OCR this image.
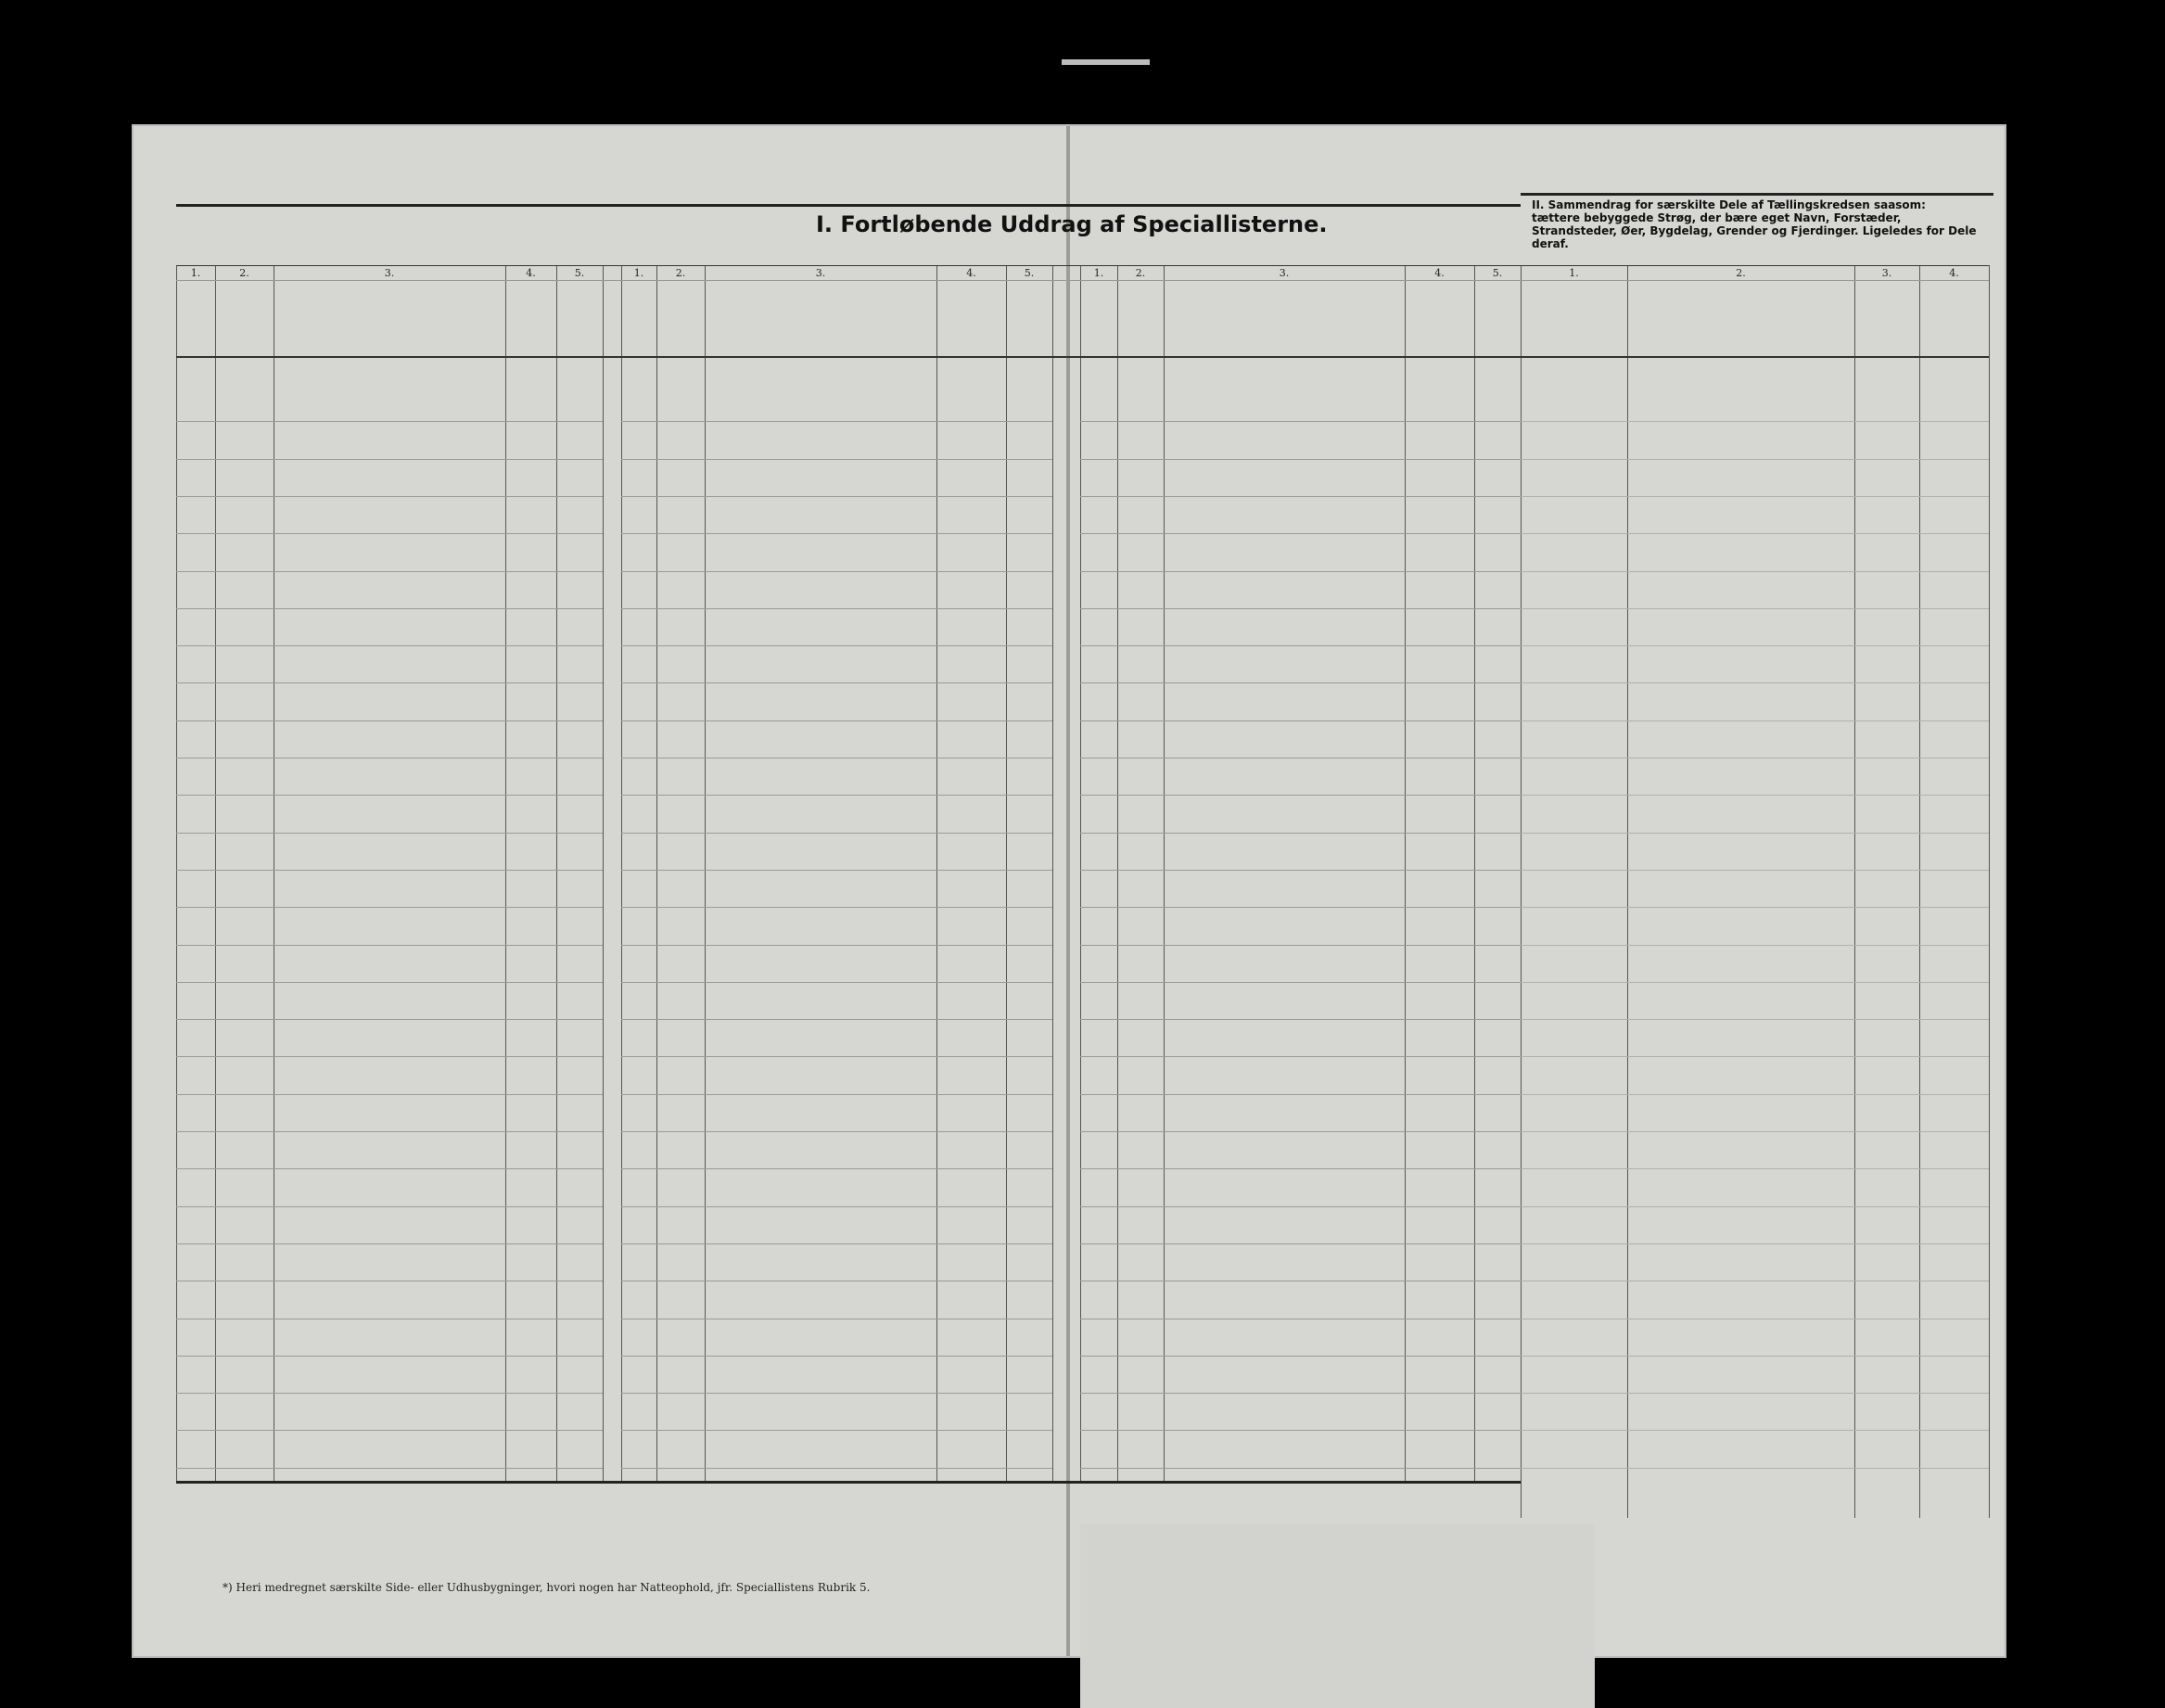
I. Fortløbende Uddrag af Speciallisterne.
II. Sammendrag for særskilte Dele af Tællingskredsen saasom: tættere bebyggede Strøg, der bære eget Navn, Forstæder, Strandsteder, Øer, Bygdelag, Grender og Fjerdinger. Ligeledes for Dele deraf.
1.	2.	3.	4.	5.	1.	2.	3.	4.	5.	1.	2.	3.	4.	5.	1.	2.	3.	4.
*) Heri medregnet særskilte Side- eller Udhusbygninger, hvori nogen har Natteophold, jfr. Speciallistens Rubrik 5.
